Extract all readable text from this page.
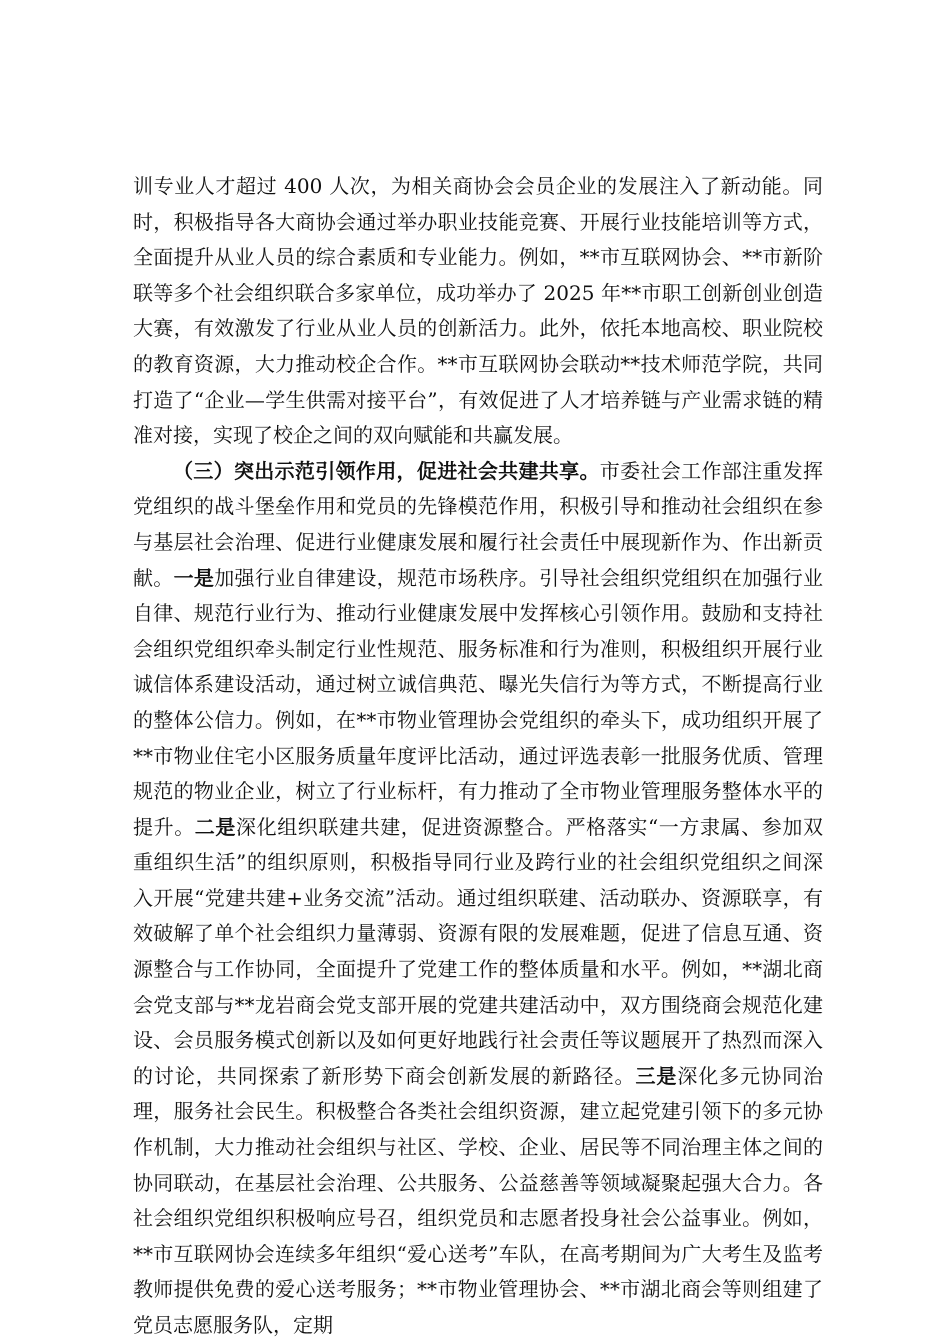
训专业人才超过 400 人次，为相关商协会会员企业的发展注入了新动能。同时，积极指导各大商协会通过举办职业技能竞赛、开展行业技能培训等方式，全面提升从业人员的综合素质和专业能力。例如，**市互联网协会、**市新阶联等多个社会组织联合多家单位，成功举办了 2025 年**市职工创新创业创造大赛，有效激发了行业从业人员的创新活力。此外，依托本地高校、职业院校的教育资源，大力推动校企合作。**市互联网协会联动**技术师范学院，共同打造了“企业—学生供需对接平台”，有效促进了人才培养链与产业需求链的精准对接，实现了校企之间的双向赋能和共赢发展。

（三）突出示范引领作用，促进社会共建共享。市委社会工作部注重发挥党组织的战斗堡垒作用和党员的先锋模范作用，积极引导和推动社会组织在参与基层社会治理、促进行业健康发展和履行社会责任中展现新作为、作出新贡献。一是加强行业自律建设，规范市场秩序。引导社会组织党组织在加强行业自律、规范行业行为、推动行业健康发展中发挥核心引领作用。鼓励和支持社会组织党组织牵头制定行业性规范、服务标准和行为准则，积极组织开展行业诚信体系建设活动，通过树立诚信典范、曝光失信行为等方式，不断提高行业的整体公信力。例如，在**市物业管理协会党组织的牵头下，成功组织开展了**市物业住宅小区服务质量年度评比活动，通过评选表彰一批服务优质、管理规范的物业企业，树立了行业标杆，有力推动了全市物业管理服务整体水平的提升。二是深化组织联建共建，促进资源整合。严格落实“一方隶属、参加双重组织生活”的组织原则，积极指导同行业及跨行业的社会组织党组织之间深入开展“党建共建+业务交流”活动。通过组织联建、活动联办、资源联享，有效破解了单个社会组织力量薄弱、资源有限的发展难题，促进了信息互通、资源整合与工作协同，全面提升了党建工作的整体质量和水平。例如，**湖北商会党支部与**龙岩商会党支部开展的党建共建活动中，双方围绕商会规范化建设、会员服务模式创新以及如何更好地践行社会责任等议题展开了热烈而深入的讨论，共同探索了新形势下商会创新发展的新路径。三是深化多元协同治理，服务社会民生。积极整合各类社会组织资源，建立起党建引领下的多元协作机制，大力推动社会组织与社区、学校、企业、居民等不同治理主体之间的协同联动，在基层社会治理、公共服务、公益慈善等领域凝聚起强大合力。各社会组织党组织积极响应号召，组织党员和志愿者投身社会公益事业。例如，**市互联网协会连续多年组织“爱心送考”车队，在高考期间为广大考生及监考教师提供免费的爱心送考服务；**市物业管理协会、**市湖北商会等则组建了党员志愿服务队，定期
